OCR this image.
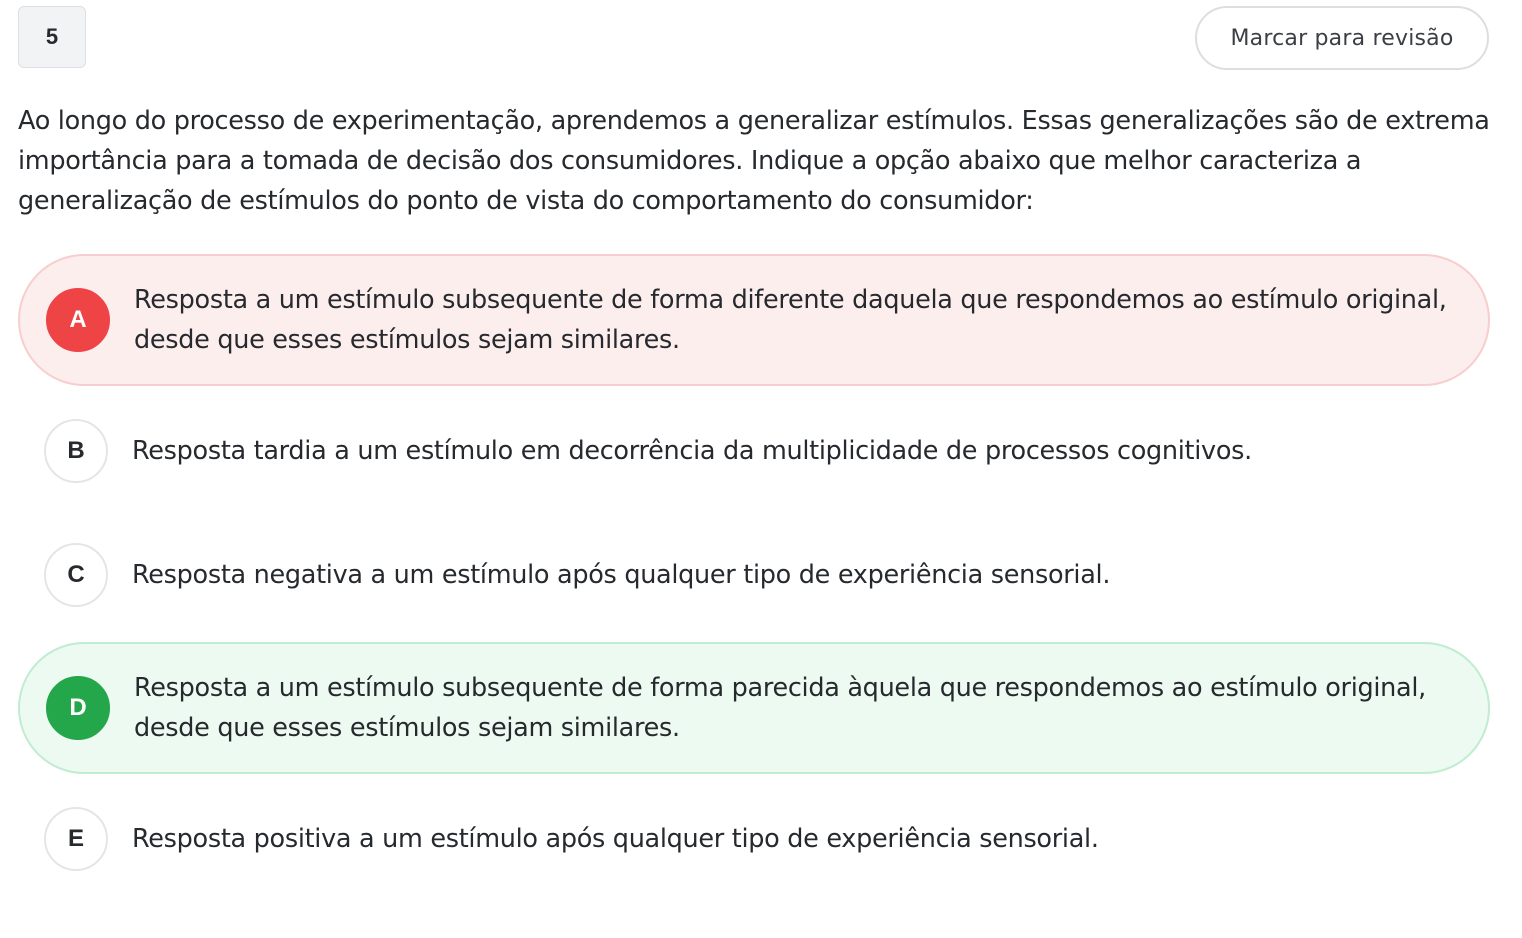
5	Marcar para revisão

Ao longo do processo de experimentação, aprendemos a generalizar estímulos. Essas generalizações são de extrema importância para a tomada de decisão dos consumidores. Indique a opção abaixo que melhor caracteriza a generalização de estímulos do ponto de vista do comportamento do consumidor:

A
Resposta a um estímulo subsequente de forma diferente daquela que respondemos ao estímulo original, desde que esses estímulos sejam similares.
B	Resposta tardia a um estímulo em decorrência da multiplicidade de processos cognitivos.
C	Resposta negativa a um estímulo após qualquer tipo de experiência sensorial.
D
Resposta a um estímulo subsequente de forma parecida àquela que respondemos ao estímulo original, desde que esses estímulos sejam similares.
E	Resposta positiva a um estímulo após qualquer tipo de experiência sensorial.
